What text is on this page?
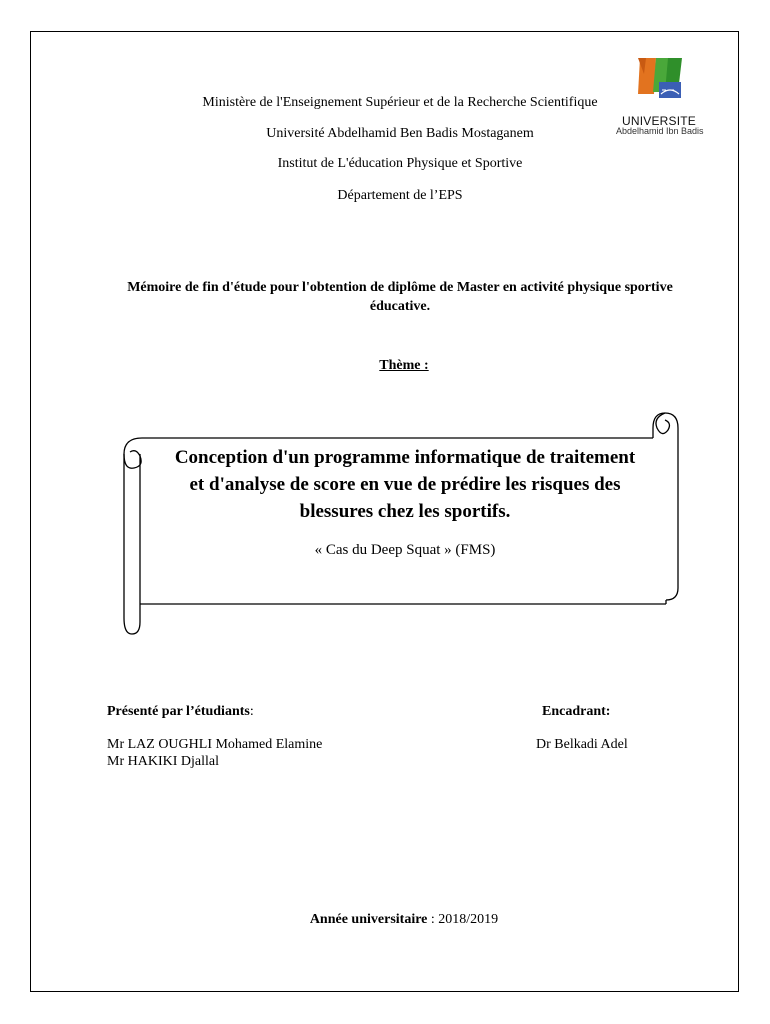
Ministère de l'Enseignement Supérieur et de la Recherche Scientifique
Université Abdelhamid Ben Badis Mostaganem
Institut de L'éducation Physique et Sportive
Département de l’EPS
UNIVERSITE
Abdelhamid Ibn Badis
Mémoire de fin d'étude pour l'obtention de diplôme de Master en activité physique sportive éducative.
Thème :
Conception d'un programme informatique de traitement
et d'analyse de score en vue de prédire les risques des
blessures chez les sportifs.
« Cas du Deep Squat » (FMS)
Présenté par l’étudiants:
Mr LAZ OUGHLI Mohamed Elamine
Mr HAKIKI Djallal
Encadrant:
Dr Belkadi Adel
Année universitaire : 2018/2019
